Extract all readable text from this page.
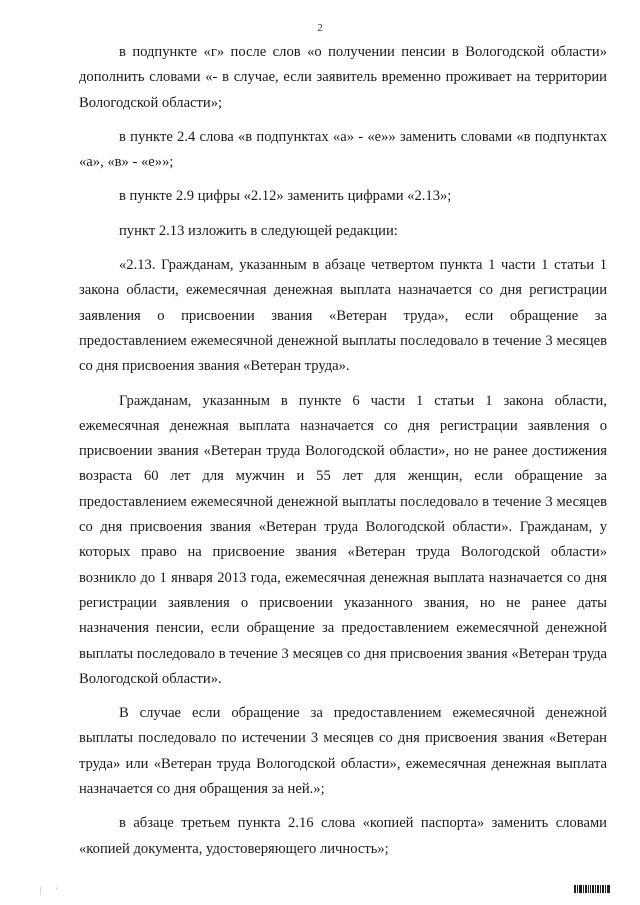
2

в подпункте «г» после слов «о получении пенсии в Вологодской области» дополнить словами «- в случае, если заявитель временно проживает на территории Вологодской области»;

в пункте 2.4 слова «в подпунктах «а» - «е»» заменить словами «в подпунктах «а», «в» - «е»»;

в пункте 2.9 цифры «2.12» заменить цифрами «2.13»;

пункт 2.13 изложить в следующей редакции:

«2.13. Гражданам, указанным в абзаце четвертом пункта 1 части 1 статьи 1 закона области, ежемесячная денежная выплата назначается со дня регистрации заявления о присвоении звания «Ветеран труда», если обращение за предоставлением ежемесячной денежной выплаты последовало в течение 3 месяцев со дня присвоения звания «Ветеран труда».

Гражданам, указанным в пункте 6 части 1 статьи 1 закона области, ежемесячная денежная выплата назначается со дня регистрации заявления о присвоении звания «Ветеран труда Вологодской области», но не ранее достижения возраста 60 лет для мужчин и 55 лет для женщин, если обращение за предоставлением ежемесячной денежной выплаты последовало в течение 3 месяцев со дня присвоения звания «Ветеран труда Вологодской области». Гражданам, у которых право на присвоение звания «Ветеран труда Вологодской области» возникло до 1 января 2013 года, ежемесячная денежная выплата назначается со дня регистрации заявления о присвоении указанного звания, но не ранее даты назначения пенсии, если обращение за предоставлением ежемесячной денежной выплаты последовало в течение 3 месяцев со дня присвоения звания «Ветеран труда Вологодской области».

В случае если обращение за предоставлением ежемесячной денежной выплаты последовало по истечении 3 месяцев со дня присвоения звания «Ветеран труда» или «Ветеран труда Вологодской области», ежемесячная денежная выплата назначается со дня обращения за ней.»;

в абзаце третьем пункта 2.16 слова «копией паспорта» заменить словами «копией документа, удостоверяющего личность»;

| '
